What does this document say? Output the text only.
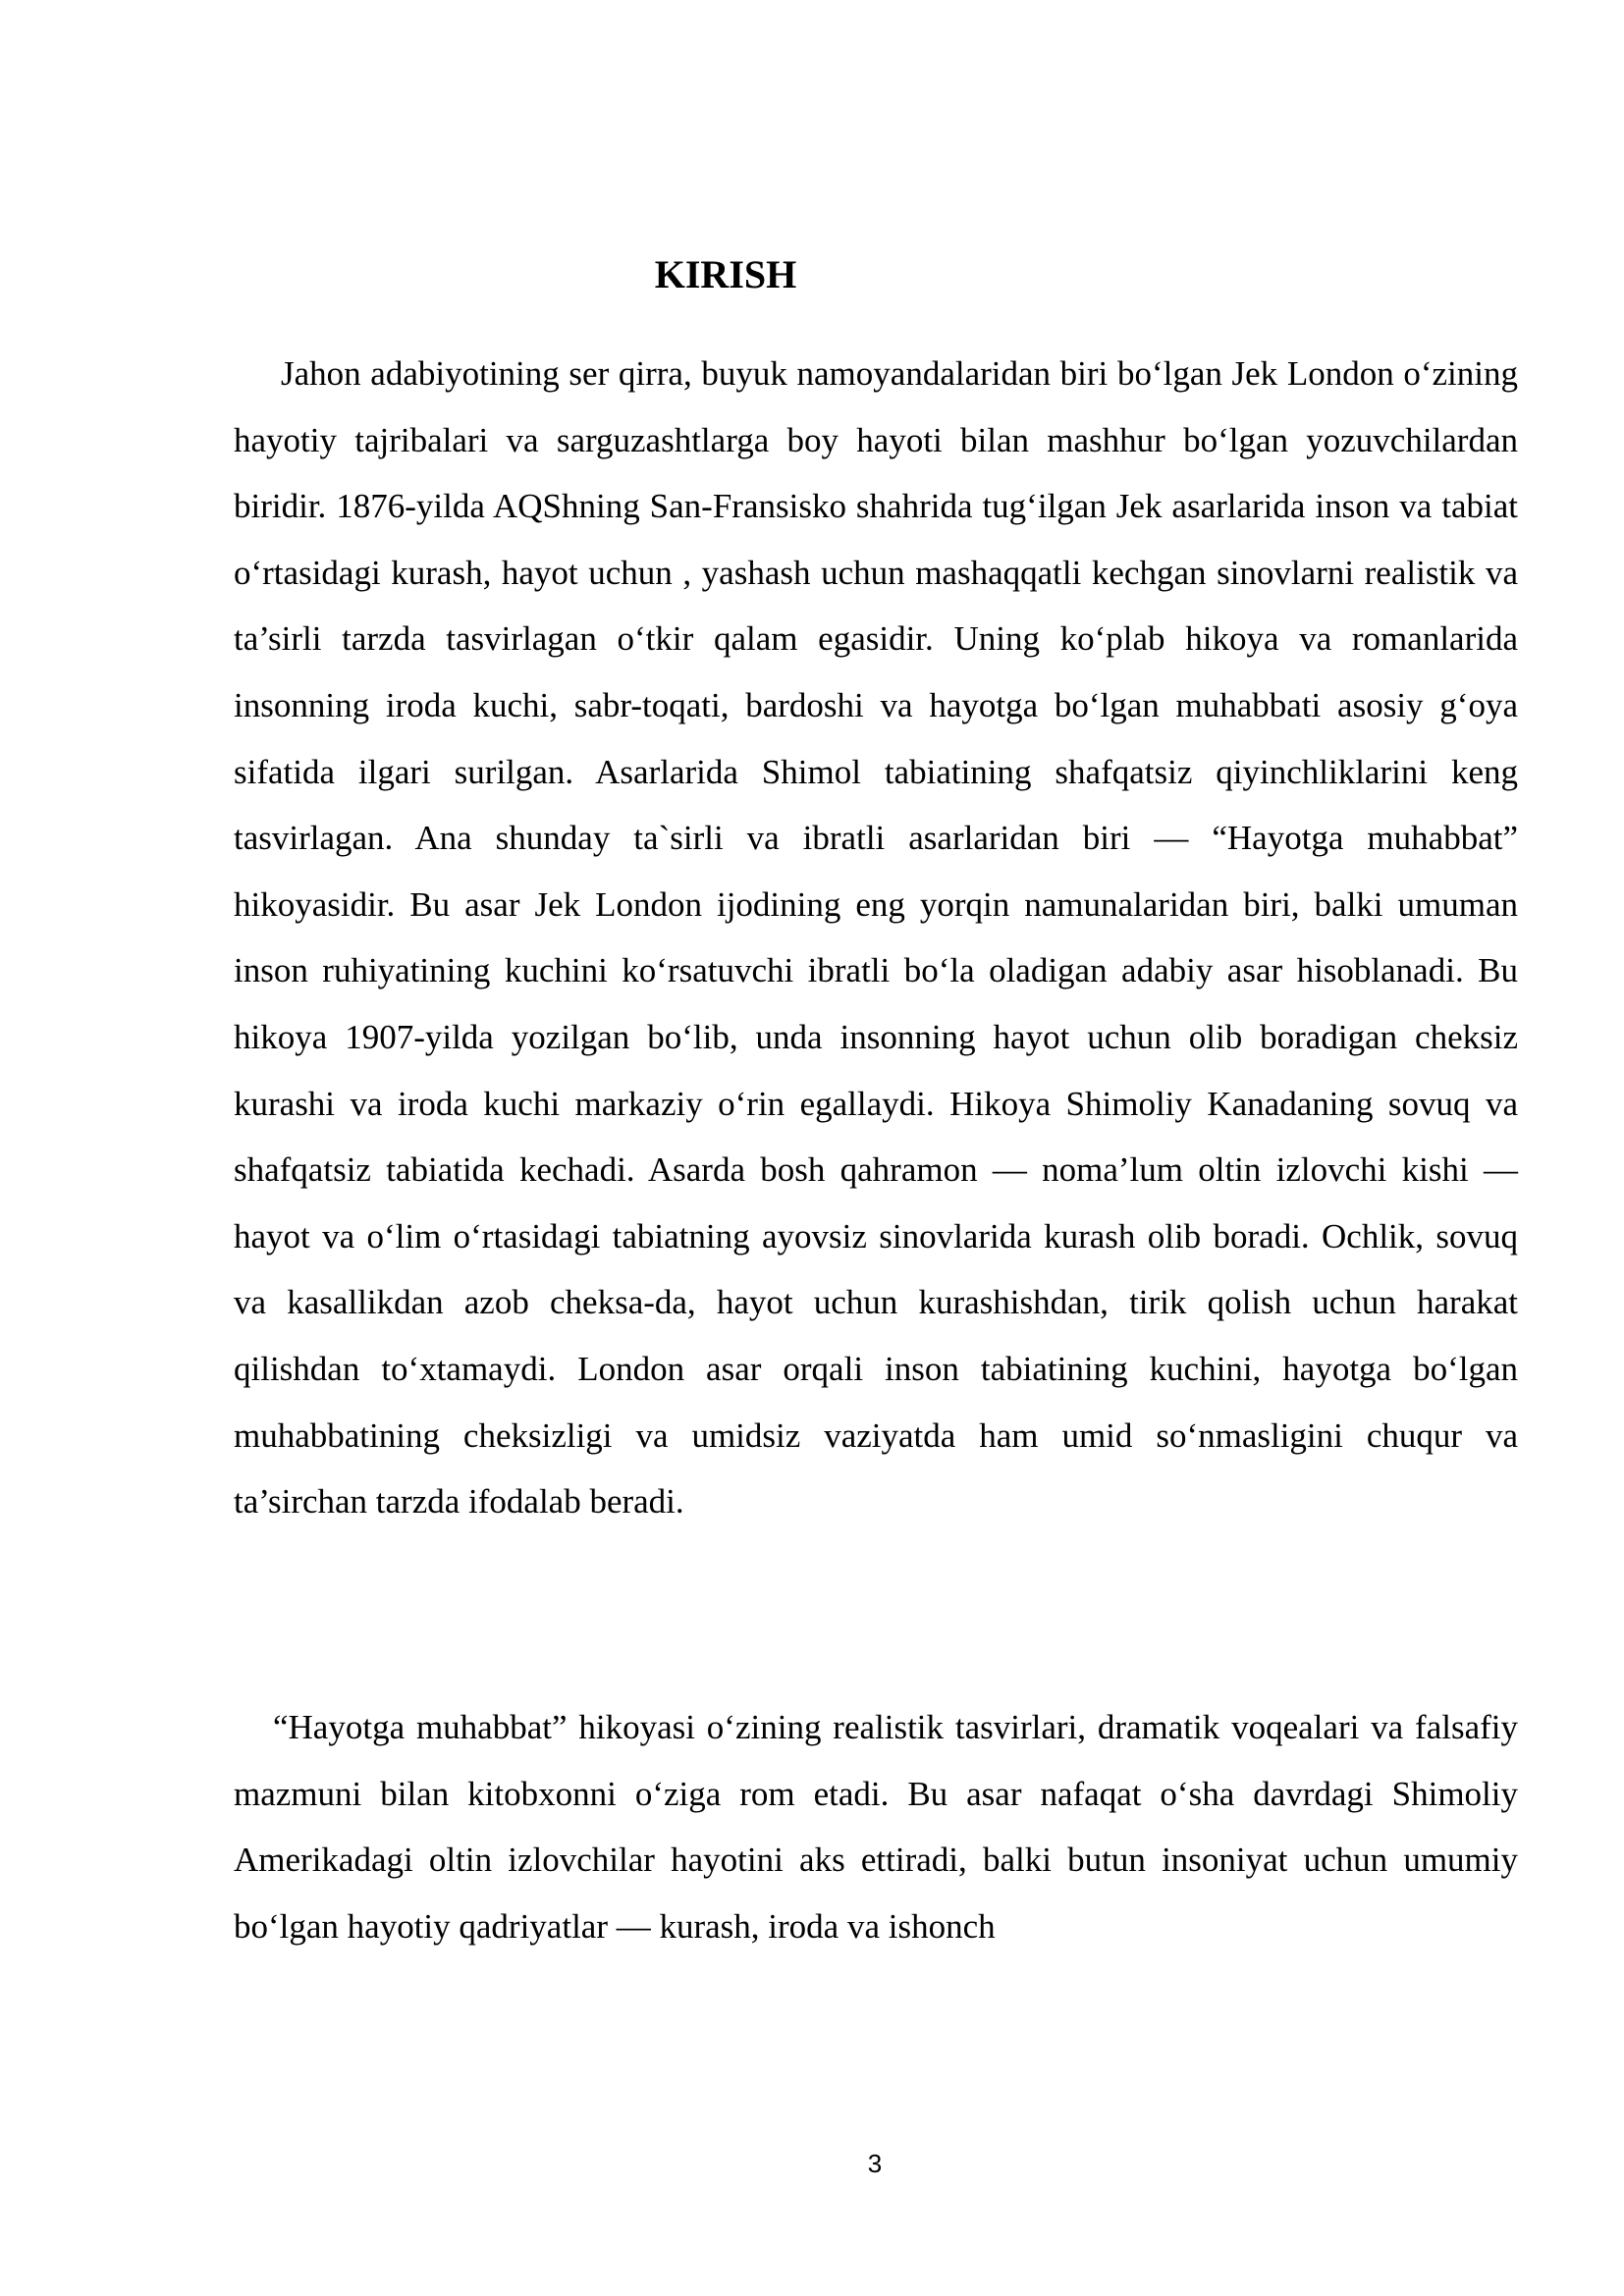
KIRISH

Jahon adabiyotining ser qirra, buyuk namoyandalaridan biri bo‘lgan Jek London o‘zining hayotiy tajribalari va sarguzashtlarga boy hayoti bilan mashhur bo‘lgan yozuvchilardan biridir. 1876-yilda AQShning San-Fransisko shahrida tug‘ilgan Jek asarlarida inson va tabiat o‘rtasidagi kurash, hayot uchun , yashash uchun mashaqqatli kechgan sinovlarni realistik va ta’sirli tarzda tasvirlagan o‘tkir qalam egasidir. Uning ko‘plab hikoya va romanlarida insonning iroda kuchi, sabr-toqati, bardoshi va hayotga bo‘lgan muhabbati asosiy g‘oya sifatida ilgari surilgan. Asarlarida Shimol tabiatining shafqatsiz qiyinchliklarini keng tasvirlagan. Ana shunday ta`sirli va ibratli asarlaridan biri — “Hayotga muhabbat” hikoyasidir. Bu asar Jek London ijodining eng yorqin namunalaridan biri, balki umuman inson ruhiyatining kuchini ko‘rsatuvchi ibratli bo‘la oladigan adabiy asar hisoblanadi. Bu hikoya 1907-yilda yozilgan bo‘lib, unda insonning hayot uchun olib boradigan cheksiz kurashi va iroda kuchi markaziy o‘rin egallaydi. Hikoya Shimoliy Kanadaning sovuq va shafqatsiz tabiatida kechadi. Asarda bosh qahramon — noma’lum oltin izlovchi kishi — hayot va o‘lim o‘rtasidagi tabiatning ayovsiz sinovlarida kurash olib boradi. Ochlik, sovuq va kasallikdan azob cheksa-da, hayot uchun kurashishdan, tirik qolish uchun harakat qilishdan to‘xtamaydi. London asar orqali inson tabiatining kuchini, hayotga bo‘lgan muhabbatining cheksizligi va umidsiz vaziyatda ham umid so‘nmasligini chuqur va ta’sirchan tarzda ifodalab beradi.

“Hayotga muhabbat” hikoyasi o‘zining realistik tasvirlari, dramatik voqealari va falsafiy mazmuni bilan kitobxonni o‘ziga rom etadi. Bu asar nafaqat o‘sha davrdagi Shimoliy Amerikadagi oltin izlovchilar hayotini aks ettiradi, balki butun insoniyat uchun umumiy bo‘lgan hayotiy qadriyatlar — kurash, iroda va ishonch

3
